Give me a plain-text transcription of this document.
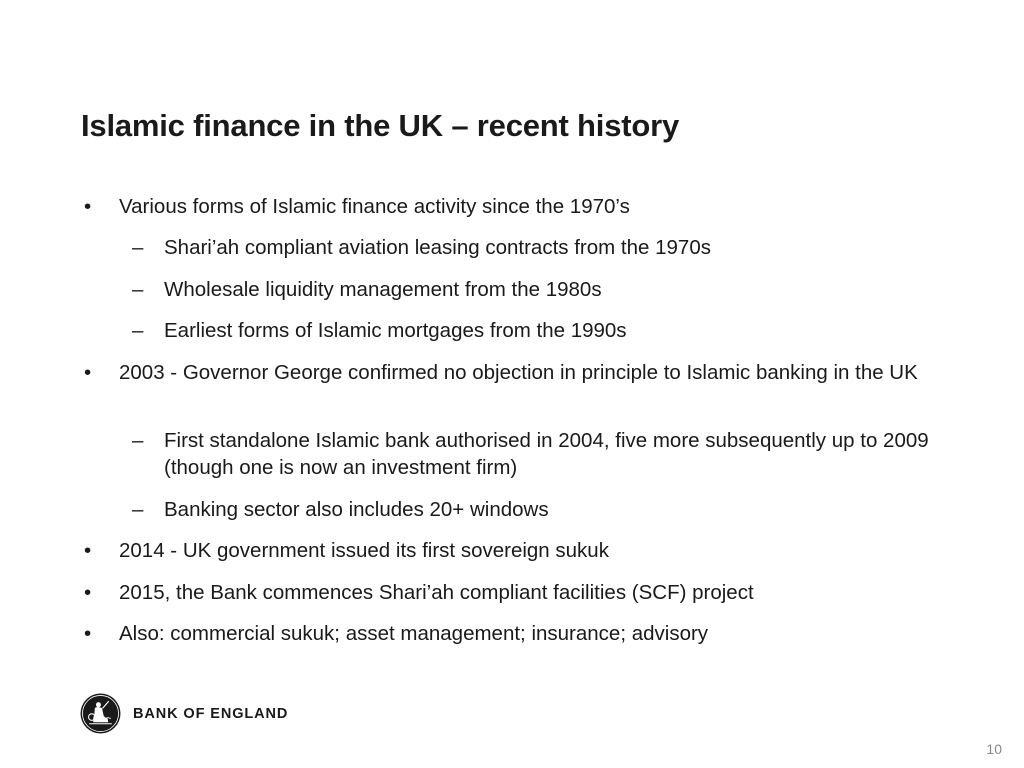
Islamic finance in the UK – recent history
• Various forms of Islamic finance activity since the 1970’s
– Shari’ah compliant aviation leasing contracts from the 1970s
– Wholesale liquidity management from the 1980s
– Earliest forms of Islamic mortgages from the 1990s
• 2003 - Governor George confirmed no objection in principle to Islamic banking in the UK
– First standalone Islamic bank authorised in 2004, five more subsequently up to 2009 (though one is now an investment firm)
– Banking sector also includes 20+ windows
• 2014 - UK government issued its first sovereign sukuk
• 2015, the Bank commences Shari’ah compliant facilities (SCF) project
• Also: commercial sukuk; asset management; insurance; advisory
BANK OF ENGLAND
10
